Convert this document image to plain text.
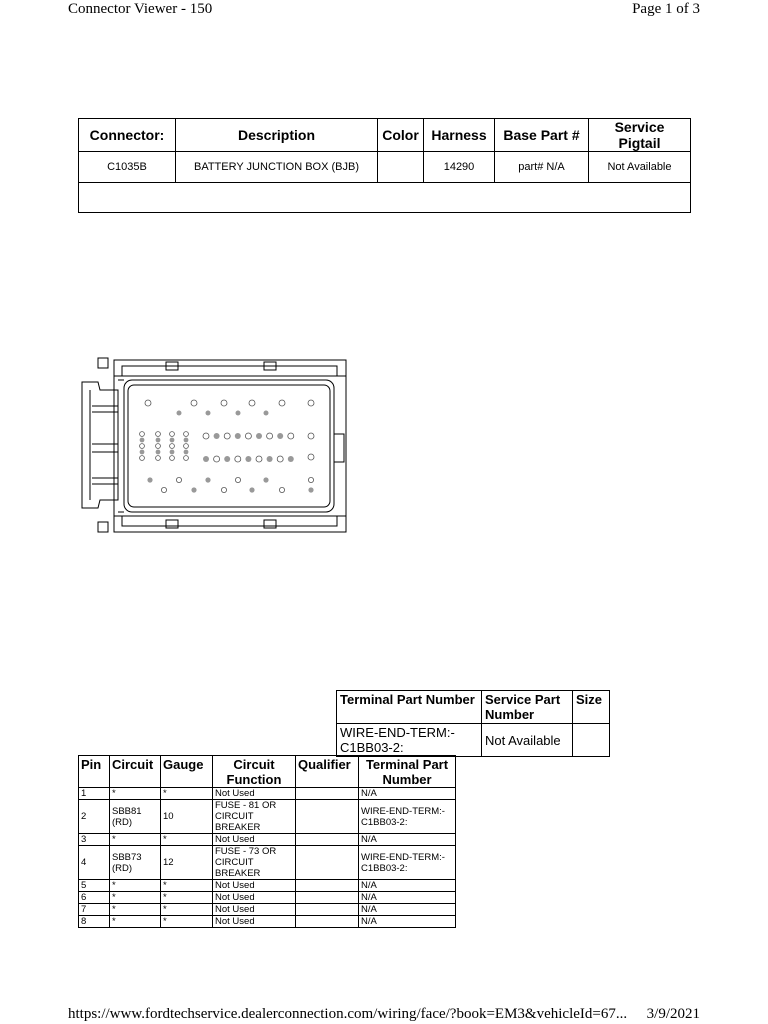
Connector Viewer - 150	Page 1 of 3
Connector:	Description	Color	Harness	Base Part #	Service Pigtail
C1035B	BATTERY JUNCTION BOX (BJB)		14290	part# N/A	Not Available

Terminal Part Number	Service Part Number	Size
WIRE-END-TERM:-C1BB03-2:	Not Available	
Pin	Circuit	Gauge	Circuit Function	Qualifier	Terminal Part Number
1	*	*	Not Used		N/A
2	SBB81 (RD)	10	FUSE - 81 OR CIRCUIT BREAKER		WIRE-END-TERM:-C1BB03-2:
3	*	*	Not Used		N/A
4	SBB73 (RD)	12	FUSE - 73 OR CIRCUIT BREAKER		WIRE-END-TERM:-C1BB03-2:
5	*	*	Not Used		N/A
6	*	*	Not Used		N/A
7	*	*	Not Used		N/A
8	*	*	Not Used		N/A
https://www.fordtechservice.dealerconnection.com/wiring/face/?book=EM3&vehicleId=67... 3/9/2021
